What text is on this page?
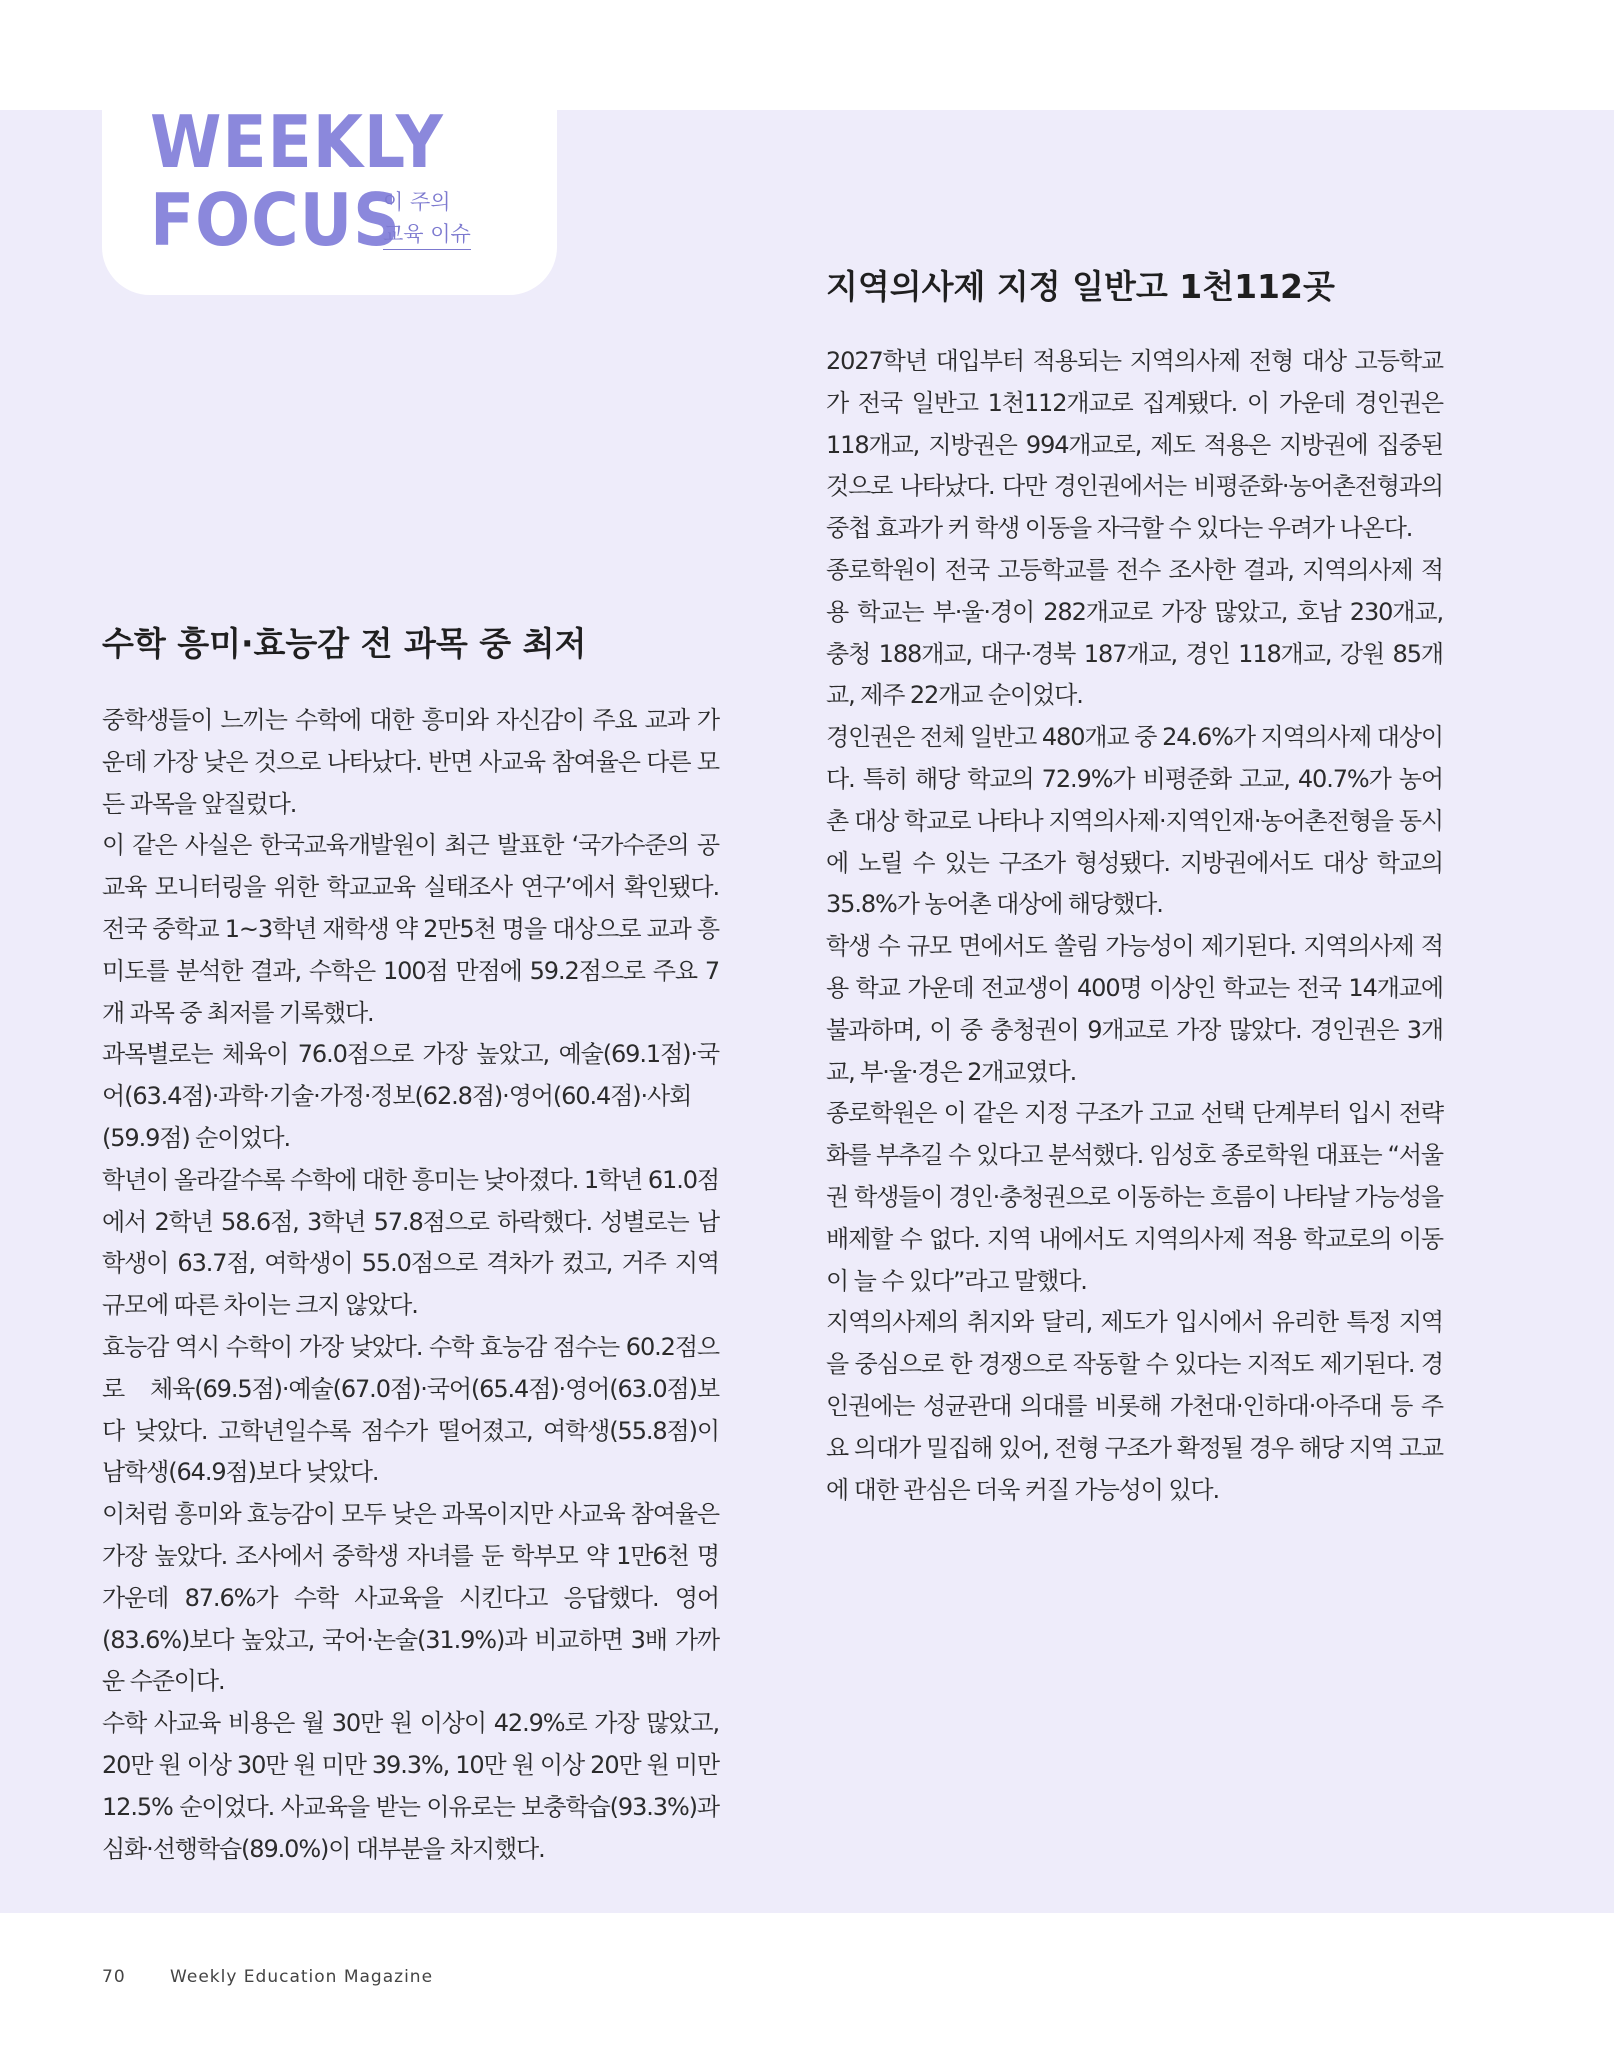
WEEKLY
FOCUS
이 주의
교육 이슈
수학 흥미·효능감 전 과목 중 최저

중학생들이 느끼는 수학에 대한 흥미와 자신감이 주요 교과 가운데 가장 낮은 것으로 나타났다. 반면 사교육 참여율은 다른 모든 과목을 앞질렀다.

이 같은 사실은 한국교육개발원이 최근 발표한 ‘국가수준의 공교육 모니터링을 위한 학교교육 실태조사 연구’에서 확인됐다. 전국 중학교 1~3학년 재학생 약 2만5천 명을 대상으로 교과 흥미도를 분석한 결과, 수학은 100점 만점에 59.2점으로 주요 7개 과목 중 최저를 기록했다.

과목별로는 체육이 76.0점으로 가장 높았고, 예술(69.1점)·국어(63.4점)·과학·기술·가정·정보(62.8점)·영어(60.4점)·사회(59.9점) 순이었다.

학년이 올라갈수록 수학에 대한 흥미는 낮아졌다. 1학년 61.0점에서 2학년 58.6점, 3학년 57.8점으로 하락했다. 성별로는 남학생이 63.7점, 여학생이 55.0점으로 격차가 컸고, 거주 지역 규모에 따른 차이는 크지 않았다.

효능감 역시 수학이 가장 낮았다. 수학 효능감 점수는 60.2점으로 체육(69.5점)·예술(67.0점)·국어(65.4점)·영어(63.0점)보다 낮았다. 고학년일수록 점수가 떨어졌고, 여학생(55.8점)이 남학생(64.9점)보다 낮았다.

이처럼 흥미와 효능감이 모두 낮은 과목이지만 사교육 참여율은 가장 높았다. 조사에서 중학생 자녀를 둔 학부모 약 1만6천 명 가운데 87.6%가 수학 사교육을 시킨다고 응답했다. 영어(83.6%)보다 높았고, 국어·논술(31.9%)과 비교하면 3배 가까운 수준이다.

수학 사교육 비용은 월 30만 원 이상이 42.9%로 가장 많았고, 20만 원 이상 30만 원 미만 39.3%, 10만 원 이상 20만 원 미만 12.5% 순이었다. 사교육을 받는 이유로는 보충학습(93.3%)과 심화·선행학습(89.0%)이 대부분을 차지했다.

지역의사제 지정 일반고 1천112곳

2027학년 대입부터 적용되는 지역의사제 전형 대상 고등학교가 전국 일반고 1천112개교로 집계됐다. 이 가운데 경인권은 118개교, 지방권은 994개교로, 제도 적용은 지방권에 집중된 것으로 나타났다. 다만 경인권에서는 비평준화·농어촌전형과의 중첩 효과가 커 학생 이동을 자극할 수 있다는 우려가 나온다.

종로학원이 전국 고등학교를 전수 조사한 결과, 지역의사제 적용 학교는 부·울·경이 282개교로 가장 많았고, 호남 230개교, 충청 188개교, 대구·경북 187개교, 경인 118개교, 강원 85개교, 제주 22개교 순이었다.

경인권은 전체 일반고 480개교 중 24.6%가 지역의사제 대상이다. 특히 해당 학교의 72.9%가 비평준화 고교, 40.7%가 농어촌 대상 학교로 나타나 지역의사제·지역인재·농어촌전형을 동시에 노릴 수 있는 구조가 형성됐다. 지방권에서도 대상 학교의 35.8%가 농어촌 대상에 해당했다.

학생 수 규모 면에서도 쏠림 가능성이 제기된다. 지역의사제 적용 학교 가운데 전교생이 400명 이상인 학교는 전국 14개교에 불과하며, 이 중 충청권이 9개교로 가장 많았다. 경인권은 3개교, 부·울·경은 2개교였다.

종로학원은 이 같은 지정 구조가 고교 선택 단계부터 입시 전략화를 부추길 수 있다고 분석했다. 임성호 종로학원 대표는 “서울권 학생들이 경인·충청권으로 이동하는 흐름이 나타날 가능성을 배제할 수 없다. 지역 내에서도 지역의사제 적용 학교로의 이동이 늘 수 있다”라고 말했다.

지역의사제의 취지와 달리, 제도가 입시에서 유리한 특정 지역을 중심으로 한 경쟁으로 작동할 수 있다는 지적도 제기된다. 경인권에는 성균관대 의대를 비롯해 가천대·인하대·아주대 등 주요 의대가 밀집해 있어, 전형 구조가 확정될 경우 해당 지역 고교에 대한 관심은 더욱 커질 가능성이 있다.

70	Weekly Education Magazine
